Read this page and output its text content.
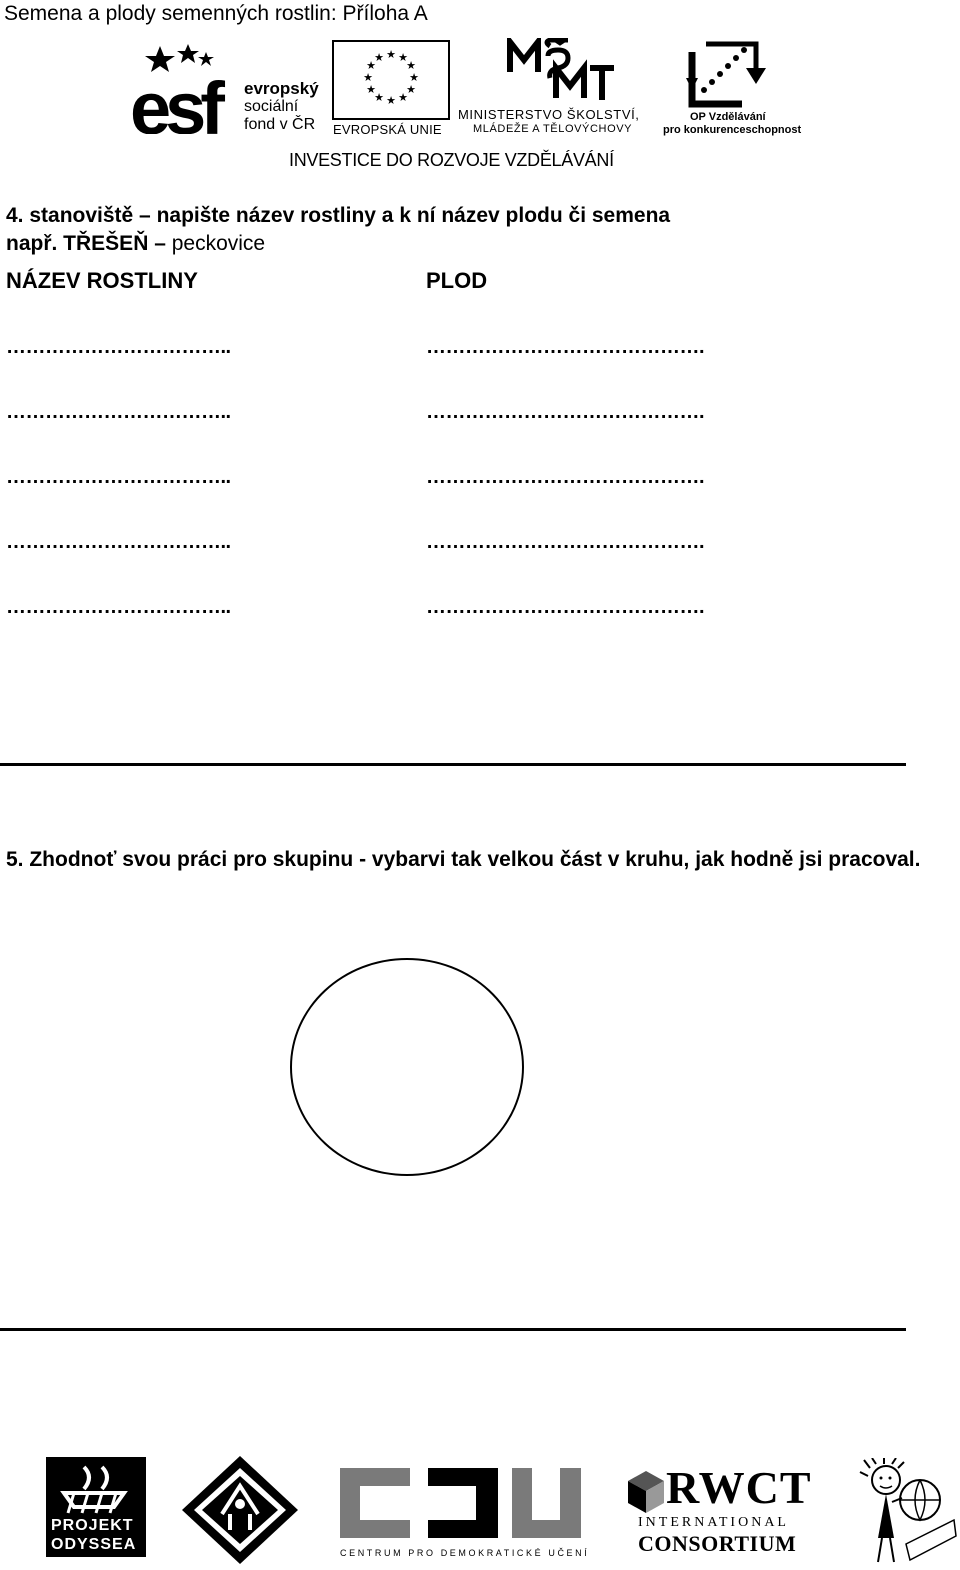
Semena a plody semenných rostlin: Příloha A
esf	evropský
sociální
fond v ČR
★ ★
★
★
★
★
★
★
★
★
★
★
EVROPSKÁ UNIE
MINISTERSTVO ŠKOLSTVÍ,
MLÁDEŽE A TĚLOVÝCHOVY
OP Vzdělávání
pro konkurenceschopnost
INVESTICE DO ROZVOJE VZDĚLÁVÁNÍ
4. stanoviště – napište název rostliny a k ní název plodu či semena
např. TŘEŠEŇ – peckovice
NÁZEV ROSTLINY	PLOD
……………………………..	…………………………………….
……………………………..	…………………………………….
……………………………..	…………………………………….
……………………………..	…………………………………….
……………………………..	…………………………………….
5. Zhodnoť svou práci pro skupinu - vybarvi tak velkou část v kruhu, jak hodně jsi pracoval.
PROJEKT
ODYSSEA	CENTRUM PRO DEMOKRATICKÉ UČENÍ
RWCT
INTERNATIONAL
CONSORTIUM
